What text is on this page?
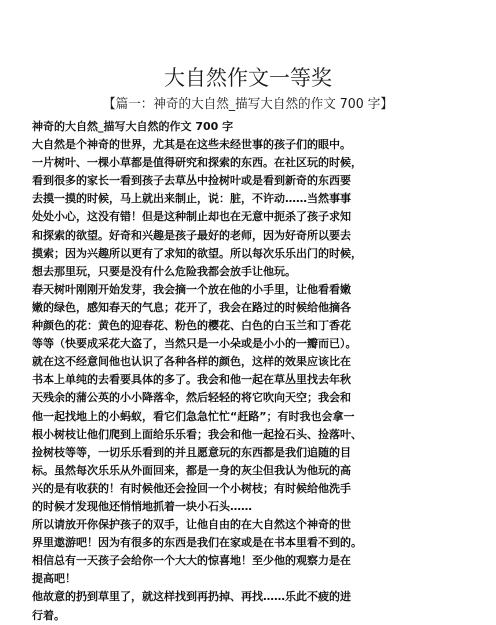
大自然作文一等奖
【篇一：神奇的大自然_描写大自然的作文 700 字】
神奇的大自然_描写大自然的作文 700 字
大自然是个神奇的世界，尤其是在这些未经世事的孩子们的眼中。
一片树叶、一棵小草都是值得研究和探索的东西。在社区玩的时候，
看到很多的家长一看到孩子去草丛中捡树叶或是看到新奇的东西要
去摸一摸的时候，马上就出来制止，说：脏，不许动……当然事事
处处小心，这没有错！但是这种制止却也在无意中扼杀了孩子求知
和探索的欲望。好奇和兴趣是孩子最好的老师，因为好奇所以要去
摸索；因为兴趣所以更有了求知的欲望。所以每次乐乐出门的时候，
想去那里玩，只要是没有什么危险我都会放手让他玩。
春天树叶刚刚开始发芽，我会摘一个放在他的小手里，让他看看嫩
嫩的绿色，感知春天的气息；花开了，我会在路过的时候给他摘各
种颜色的花：黄色的迎春花、粉色的樱花、白色的白玉兰和丁香花
等等（快要成采花大盗了，当然只是一小朵或是小小的一瓣而已）。
就在这不经意间他也认识了各种各样的颜色，这样的效果应该比在
书本上单纯的去看要具体的多了。我会和他一起在草丛里找去年秋
天残余的蒲公英的小小降落伞，然后轻轻的将它吹向天空；我会和
他一起找地上的小蚂蚁，看它们急急忙忙“赶路”；有时我也会拿一
根小树枝让他们爬到上面给乐乐看；我会和他一起捡石头、捡落叶、
捡树枝等等，一切乐乐看到的并且愿意玩的东西都是我们追随的目
标。虽然每次乐乐从外面回来，都是一身的灰尘但我认为他玩的高
兴的是有收获的！有时候他还会捡回一个小树枝；有时候给他洗手
的时候才发现他还悄悄地抓着一块小石头……
所以请放开你保护孩子的双手，让他自由的在大自然这个神奇的世
界里遨游吧！因为有很多的东西是我们在家或是在书本里看不到的。
相信总有一天孩子会给你一个大大的惊喜地！至少他的观察力是在
提高吧！
他故意的扔到草里了，就这样找到再扔掉、再找……乐此不疲的进
行着。
